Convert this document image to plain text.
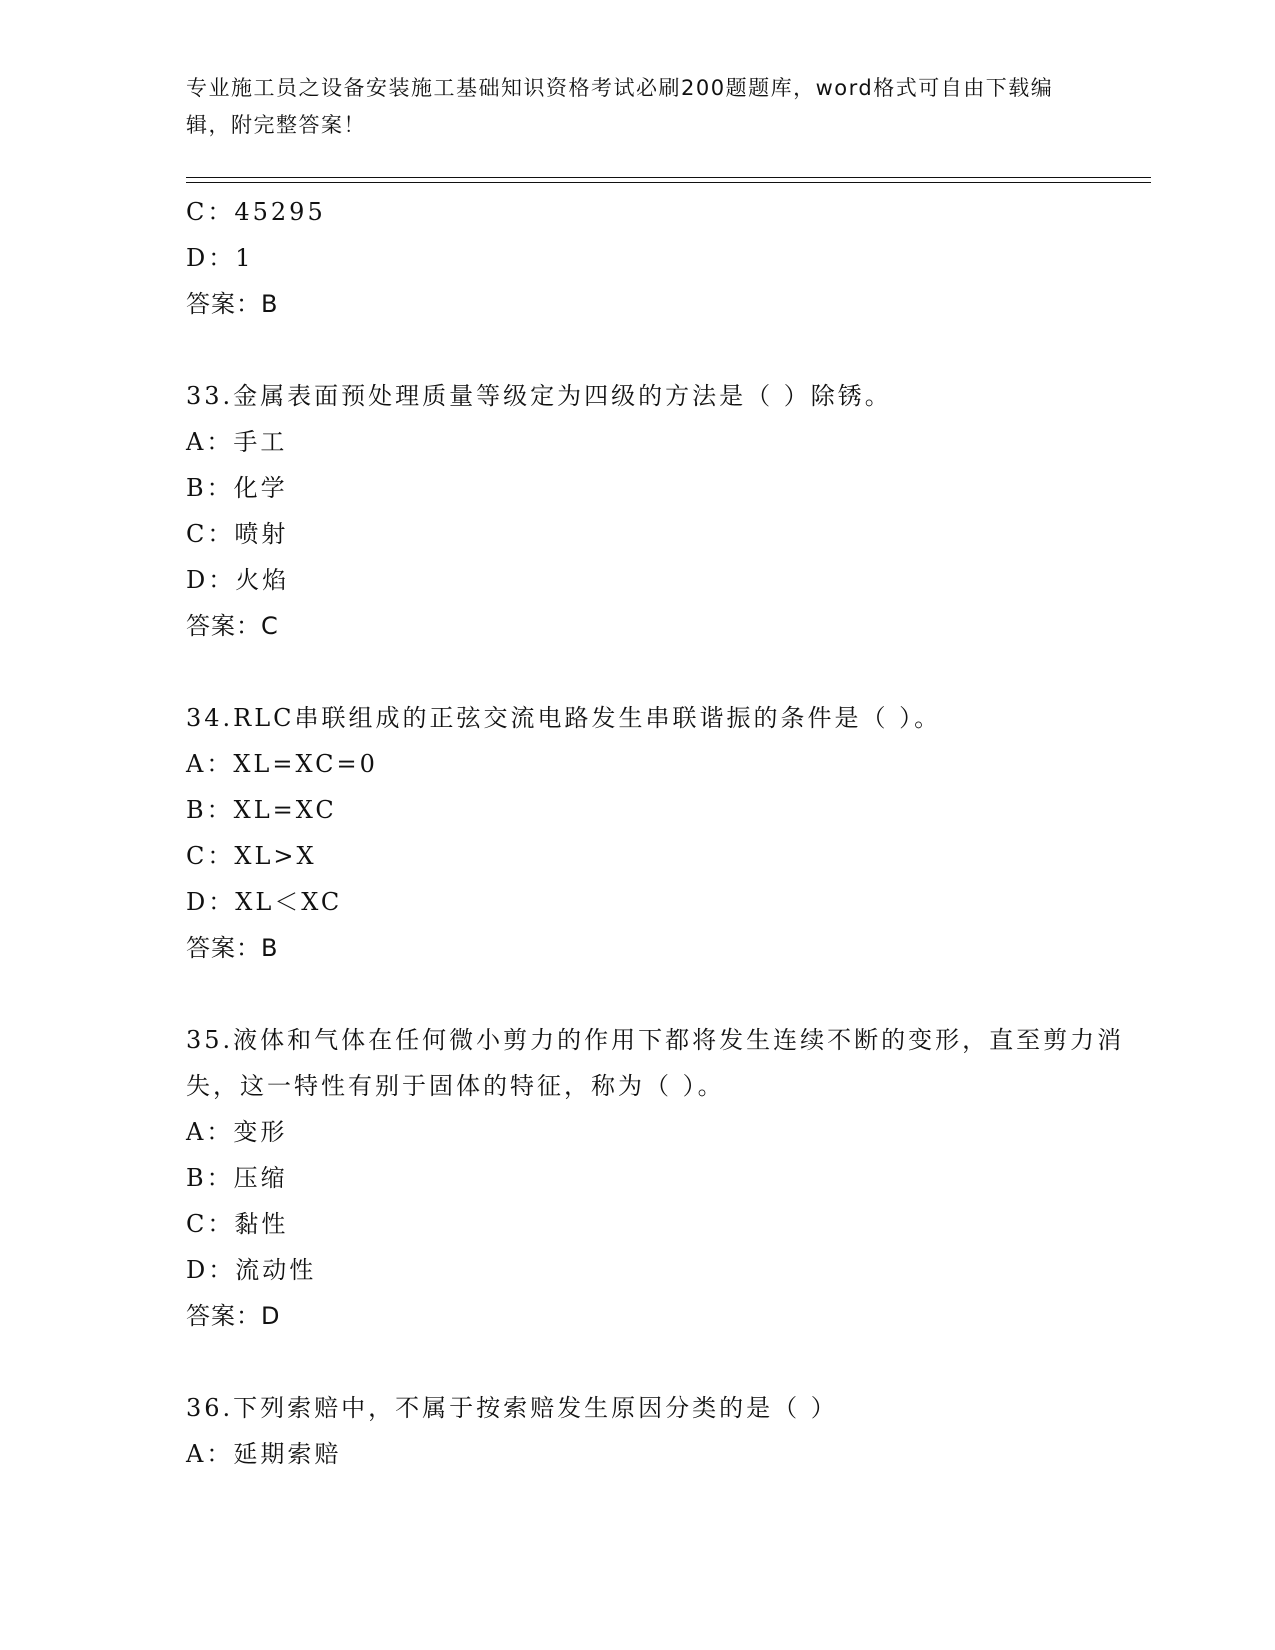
专业施工员之设备安装施工基础知识资格考试必刷200题题库，word格式可自由下载编辑，附完整答案！
C：45295
D：1
答案：B
33.金属表面预处理质量等级定为四级的方法是（ ）除锈。
A：手工
B：化学
C：喷射
D：火焰
答案：C
34.RLC串联组成的正弦交流电路发生串联谐振的条件是（ ）。
A：XL=XC=0
B：XL=XC
C：XL>X
D：XL＜XC
答案：B
35.液体和气体在任何微小剪力的作用下都将发生连续不断的变形，直至剪力消失，这一特性有别于固体的特征，称为（ ）。
A：变形
B：压缩
C：黏性
D：流动性
答案：D
36.下列索赔中，不属于按索赔发生原因分类的是（ ）
A：延期索赔
